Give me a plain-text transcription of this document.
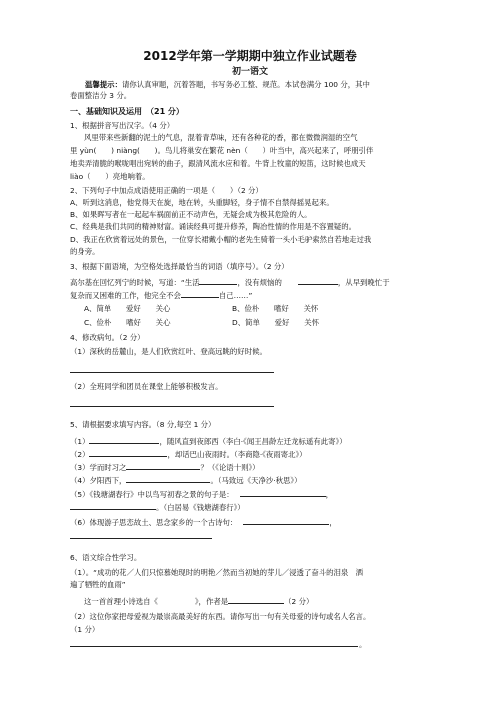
2012学年第一学期期中独立作业试题卷
初一语文
温馨提示：请你认真审题，沉着答题，书写务必工整、规范。本试卷满分 100 分，其中
卷面整洁分 3 分。
一、基础知识及运用　（21 分）
1、根据拼音写出汉字。（4 分）
风里带来些新翻的泥土的气息，混着青草味，还有各种花的香，都在微微润湿的空气
里 yùn(　　) niàng(　　)。鸟儿将巢安在繁花 nèn（　　）叶当中，高兴起来了，呼朋引伴
地卖弄清脆的喉咙唱出宛转的曲子，跟清风流水应和着。牛背上牧童的短笛，这时候也成天
liào（　　）亮地响着。
2、下列句子中加点成语使用正确的一项是（　　）（2 分）
A、听到这消息，他党得天在旋，地在转，头重脚轻，身子情不自禁得摇晃起来。
B、如果晖写者在一起起车祸面前正不动声色，无疑会成为极其危险的人。
C、经典是我们共同的精神财富。诵读经典可提升修养，陶冶性情的作用是不容置疑的。
D、我正在欣赏着远处的景色，一位穿长裙戴小帽的老先生骑着一头小毛驴索然自若地走过我
的身旁。
3、根据下面语境，为空格处选择最恰当的词语（填序号）。（2 分）
高尔基在回忆列宁的时候，写道：“生活	，没有烦恼的	，从早到晚忙于
复杂而又困难的工作，他完全不会	自己……”
A、简单　　爱好　　关心	B、俭朴　　嗜好　　关怀
C、俭朴　　嗜好　　关心	D、简单　　爱好　　关怀
4、修改病句。（2 分）
（1）深秋的岳麓山，是人们欣赏红叶、登高远眺的好时候。
（2）全班同学和团员在课堂上能够积极发言。
5、请根据要求填写内容。（8 分,每空 1 分）
（1）	，随风直到夜郎西（李白·《闻王昌龄左迁龙标遥有此寄》）
（2）	，却话巴山夜雨时。（李商隐·《夜雨寄北》）
（3）学而时习之	？（《论语十则》）
（4）夕阳西下，	。（马致远《天净沙·秋思》）
（5）《钱塘湖春行》中以鸟写初春之景的句子是：	，
。（白居易《钱塘湖春行》）
（6）体现游子思恋故土、思念家乡的一个古诗句：	，
6、语文综合性学习。
（1）。“成功的花／人们只惊慕她现时的明艳／然而当初她的芽儿／浸透了奋斗的泪泉　洒
遍了牺牲的血雨”
这一首首理小诗选自《　　　　　》，作者是	（2 分）
（2）这位你家把母爱视为最崇高最美好的东西。请你写出一句有关母爱的诗句或名人名言。
（1 分）
。
